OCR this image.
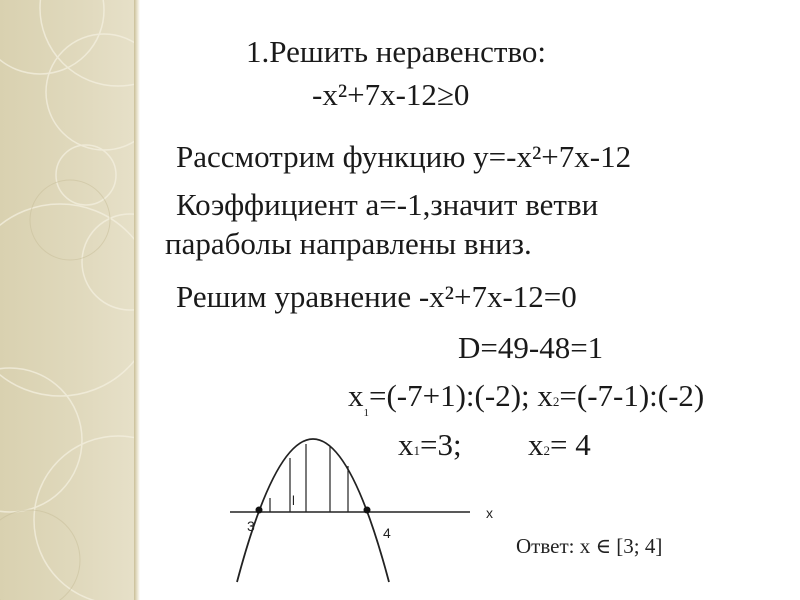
1.Решить неравенство:
-x²+7x-12≥0
Рассмотрим функцию у=-х²+7х-12
Коэффициент а=-1,значит ветви
параболы направлены вниз.
Решим уравнение -х²+7х-12=0
D=49-48=1
$x_1=(-7+1):(-2)$; x2=(-7-1):(-2)
x1=3; x2= 4
3	4
x
l
Ответ: x ∈ [3; 4]
